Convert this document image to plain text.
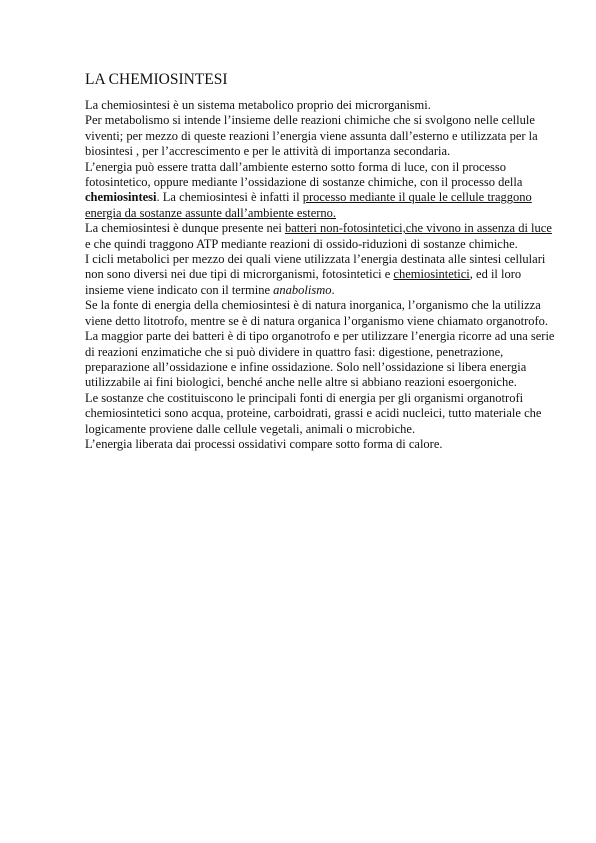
LA CHEMIOSINTESI

La chemiosintesi è un sistema metabolico proprio dei microrganismi.

Per metabolismo si intende l’insieme delle reazioni chimiche che si svolgono nelle cellule viventi; per mezzo di queste reazioni l’energia viene assunta dall’esterno e utilizzata per la biosintesi , per l’accrescimento e per le attività di importanza secondaria.

L’energia può essere tratta dall’ambiente esterno sotto forma di luce, con il processo fotosintetico, oppure mediante l’ossidazione di sostanze chimiche, con il processo della chemiosintesi. La chemiosintesi è infatti il processo mediante il quale le cellule traggono energia da sostanze assunte dall’ambiente esterno.

La chemiosintesi è dunque presente nei batteri non-fotosintetici,che vivono in assenza di luce e che quindi traggono ATP mediante reazioni di ossido-riduzioni di sostanze chimiche.

I cicli metabolici per mezzo dei quali viene utilizzata l’energia destinata alle sintesi cellulari non sono diversi nei due tipi di microrganismi, fotosintetici e chemiosintetici, ed il loro insieme viene indicato con il termine anabolismo.

Se la fonte di energia della chemiosintesi è di natura inorganica, l’organismo che la utilizza viene detto litotrofo, mentre se è di natura organica l’organismo viene chiamato organotrofo. La maggior parte dei batteri è di tipo organotrofo e per utilizzare l’energia ricorre ad una serie di reazioni enzimatiche che si può dividere in quattro fasi: digestione, penetrazione, preparazione all’ossidazione e infine ossidazione. Solo nell’ossidazione si libera energia utilizzabile ai fini biologici, benché anche nelle altre si abbiano reazioni esoergoniche.

Le sostanze che costituiscono le principali fonti di energia per gli organismi organotrofi chemiosintetici sono acqua, proteine, carboidrati, grassi e acidi nucleici, tutto materiale che logicamente proviene dalle cellule vegetali, animali o microbiche.

L’energia liberata dai processi ossidativi compare sotto forma di calore.
